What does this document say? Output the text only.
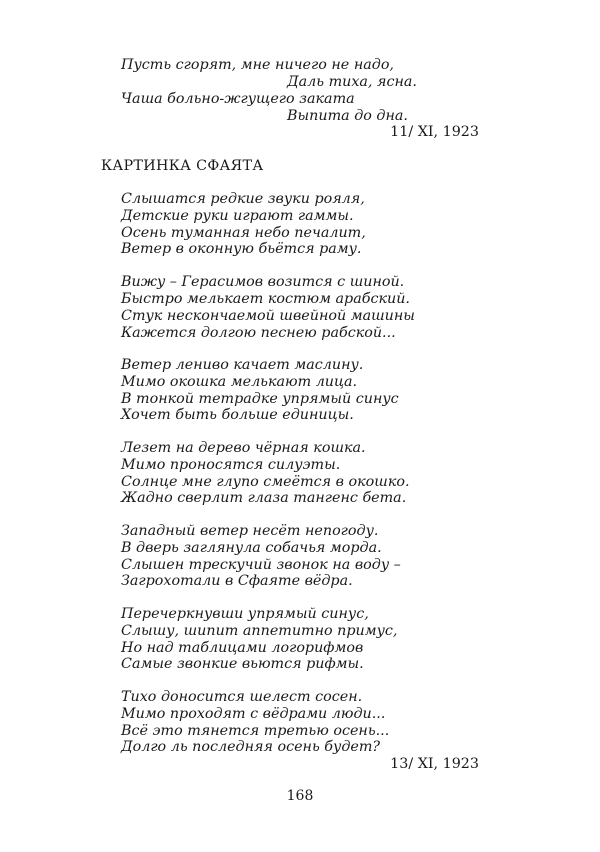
Пусть сгорят, мне ничего не надо,
Даль тиха, ясна.
Чаша больно-жгущего заката
Выпита до дна.
11/ XI, 1923
КАРТИНКА СФАЯТА
Слышатся редкие звуки рояля,
Детские руки играют гаммы.
Осень туманная небо печалит,
Ветер в оконную бьётся раму.
Вижу – Герасимов возится с шиной.
Быстро мелькает костюм арабский.
Стук нескончаемой швейной машины
Кажется долгою песнею рабской...
Ветер лениво качает маслину.
Мимо окошка мелькают лица.
В тонкой тетрадке упрямый синус
Хочет быть больше единицы.
Лезет на дерево чёрная кошка.
Мимо проносятся силуэты.
Солнце мне глупо смеётся в окошко.
Жадно сверлит глаза тангенс бета.
Западный ветер несёт непогоду.
В дверь заглянула собачья морда.
Слышен трескучий звонок на воду –
Загрохотали в Сфаяте вёдра.
Перечеркнувши упрямый синус,
Слышу, шипит аппетитно примус,
Но над таблицами логорифмов
Самые звонкие вьются рифмы.
Тихо доносится шелест сосен.
Мимо проходят с вёдрами люди...
Всё это тянется третью осень...
Долго ль последняя осень будет?
13/ XI, 1923
168
